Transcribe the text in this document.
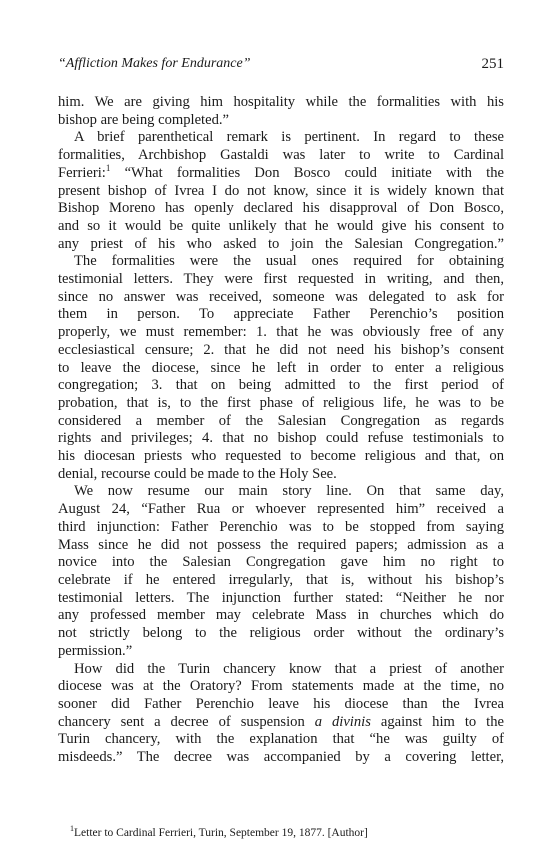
“Affliction Makes for Endurance”	251

him. We are giving him hospitality while the formalities with his
bishop are being completed.”

A brief parenthetical remark is pertinent. In regard to these
formalities, Archbishop Gastaldi was later to write to Cardinal
Ferrieri:$^1$ “What formalities Don Bosco could initiate with the
present bishop of Ivrea I do not know, since it is widely known that
Bishop Moreno has openly declared his disapproval of Don Bosco,
and so it would be quite unlikely that he would give his consent to
any priest of his who asked to join the Salesian Congregation.”

The formalities were the usual ones required for obtaining
testimonial letters. They were first requested in writing, and then,
since no answer was received, someone was delegated to ask for
them in person. To appreciate Father Perenchio’s position
properly, we must remember: 1. that he was obviously free of any
ecclesiastical censure; 2. that he did not need his bishop’s consent
to leave the diocese, since he left in order to enter a religious
congregation; 3. that on being admitted to the first period of
probation, that is, to the first phase of religious life, he was to be
considered a member of the Salesian Congregation as regards
rights and privileges; 4. that no bishop could refuse testimonials to
his diocesan priests who requested to become religious and that, on
denial, recourse could be made to the Holy See.

We now resume our main story line. On that same day,
August 24, “Father Rua or whoever represented him” received a
third injunction: Father Perenchio was to be stopped from saying
Mass since he did not possess the required papers; admission as a
novice into the Salesian Congregation gave him no right to
celebrate if he entered irregularly, that is, without his bishop’s
testimonial letters. The injunction further stated: “Neither he nor
any professed member may celebrate Mass in churches which do
not strictly belong to the religious order without the ordinary’s
permission.”

How did the Turin chancery know that a priest of another
diocese was at the Oratory? From statements made at the time, no
sooner did Father Perenchio leave his diocese than the Ivrea
chancery sent a decree of suspension a divinis against him to the
Turin chancery, with the explanation that “he was guilty of
misdeeds.” The decree was accompanied by a covering letter,

$^1$Letter to Cardinal Ferrieri, Turin, September 19, 1877. [Author]
